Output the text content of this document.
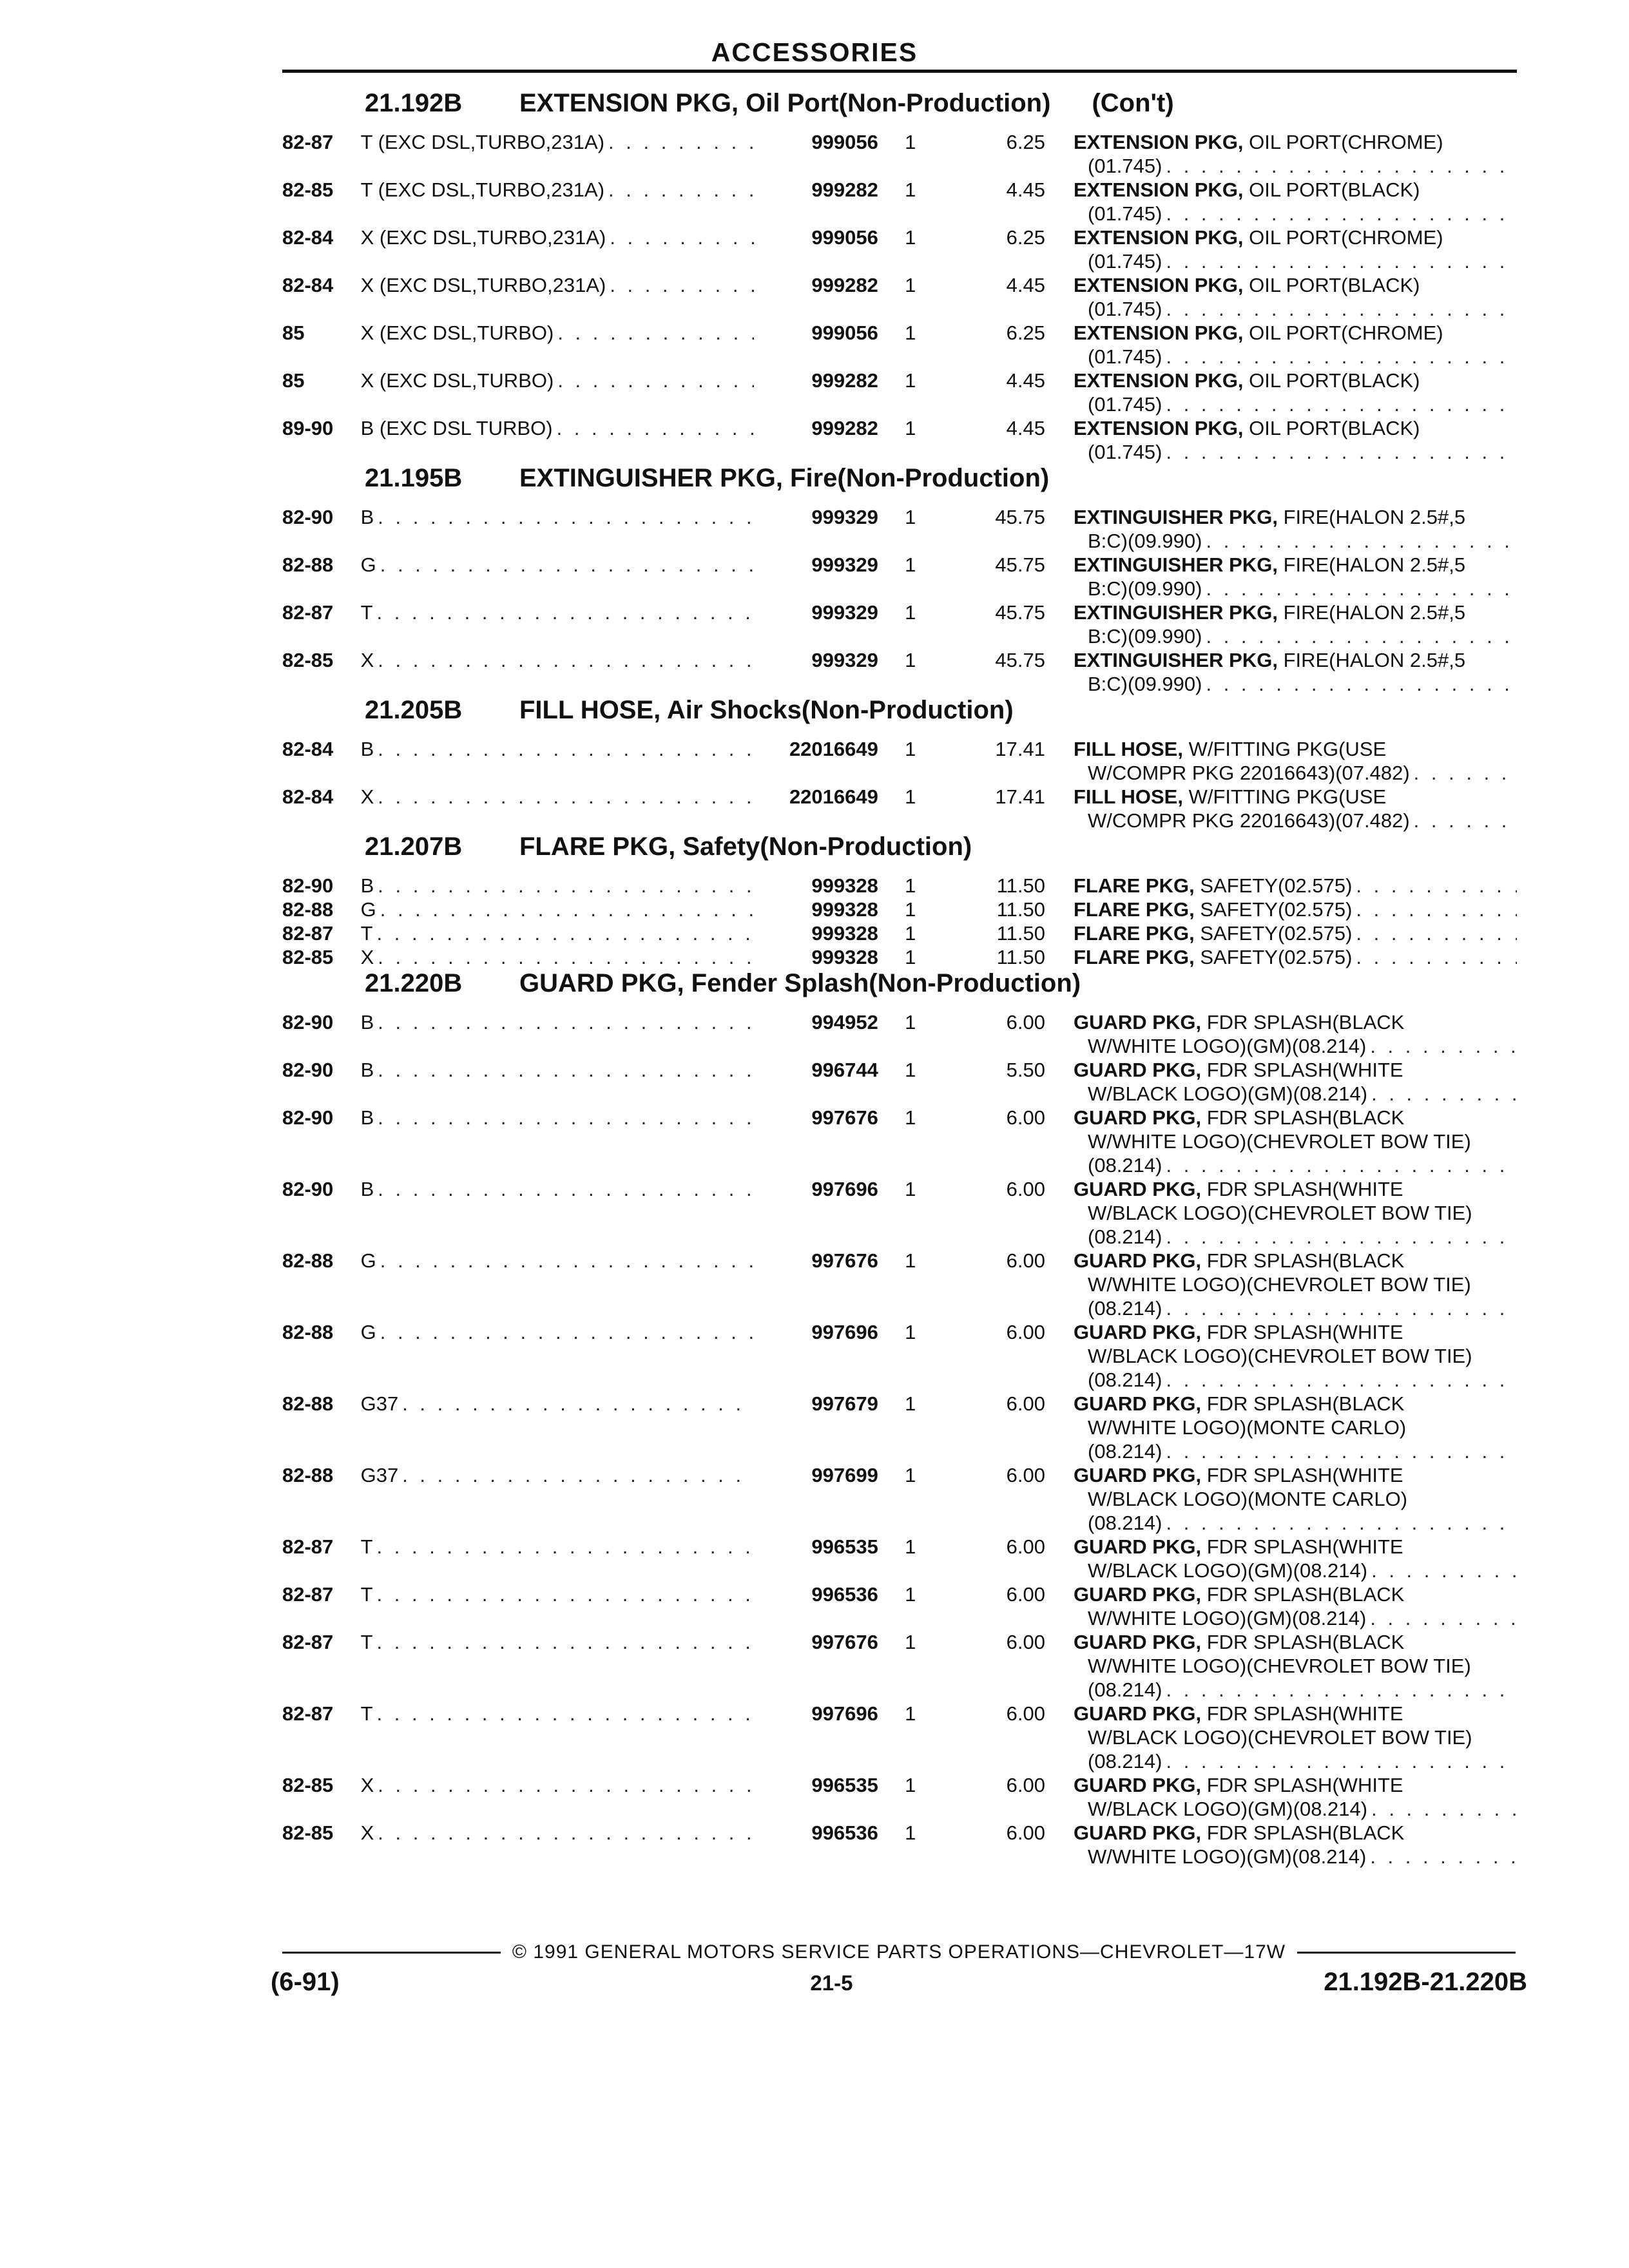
ACCESSORIES
21.192B	EXTENSION PKG, Oil Port(Non-Production) (Con't)
82-87	T (EXC DSL,TURBO,231A) . . .	999056	1	6.25 EXTENSION PKG, OIL PORT(CHROME)
(01.745)
. . .
82-85	T (EXC DSL,TURBO,231A) . . .	999282	1	4.45 EXTENSION PKG, OIL PORT(BLACK)
(01.745)
. . .
82-84	X (EXC DSL,TURBO,231A) . . .	999056	1	6.25 EXTENSION PKG, OIL PORT(CHROME)
(01.745)
. . .
82-84	X (EXC DSL,TURBO,231A) . . .	999282	1	4.45 EXTENSION PKG, OIL PORT(BLACK)
(01.745)
. . .
85	X (EXC DSL,TURBO) . . .	999056	1	6.25 EXTENSION PKG, OIL PORT(CHROME)
(01.745)
. . .
85	X (EXC DSL,TURBO) . . .	999282	1	4.45 EXTENSION PKG, OIL PORT(BLACK)
(01.745)
. . .
89-90	B (EXC DSL TURBO) . . .	999282	1	4.45 EXTENSION PKG, OIL PORT(BLACK)
(01.745)
. . .
21.195B	EXTINGUISHER PKG, Fire(Non-Production)
82-90	B . . .	999329	1	45.75 EXTINGUISHER PKG, FIRE(HALON 2.5#,5
B:C)(09.990)
. . .
82-88	G . . .	999329	1	45.75 EXTINGUISHER PKG, FIRE(HALON 2.5#,5
B:C)(09.990)
. . .
82-87	T . . .	999329	1	45.75 EXTINGUISHER PKG, FIRE(HALON 2.5#,5
B:C)(09.990)
. . .
82-85	X . . .	999329	1	45.75 EXTINGUISHER PKG, FIRE(HALON 2.5#,5
B:C)(09.990)
. . .
21.205B	FILL HOSE, Air Shocks(Non-Production)
82-84	B . . .	22016649	1	17.41 FILL HOSE, W/FITTING PKG(USE
W/COMPR PKG 22016643)(07.482)
. . .
82-84	X . . .	22016649	1	17.41 FILL HOSE, W/FITTING PKG(USE
W/COMPR PKG 22016643)(07.482)
. . .
21.207B	FLARE PKG, Safety(Non-Production)
82-90	B . . .	999328	1	11.50 FLARE PKG, SAFETY(02.575)
. . .
82-88	G . . .	999328	1	11.50 FLARE PKG, SAFETY(02.575)
. . .
82-87	T . . .	999328	1	11.50 FLARE PKG, SAFETY(02.575)
. . .
82-85	X . . .	999328	1	11.50 FLARE PKG, SAFETY(02.575)
. . .
21.220B	GUARD PKG, Fender Splash(Non-Production)
82-90	B . . .	994952	1	6.00 GUARD PKG, FDR SPLASH(BLACK
W/WHITE LOGO)(GM)(08.214)
. . .
82-90	B . . .	996744	1	5.50 GUARD PKG, FDR SPLASH(WHITE
W/BLACK LOGO)(GM)(08.214)
. . .
82-90	B . . .	997676	1	6.00 GUARD PKG, FDR SPLASH(BLACK
W/WHITE LOGO)(CHEVROLET BOW TIE)
(08.214)
. . .
82-90	B . . .	997696	1	6.00 GUARD PKG, FDR SPLASH(WHITE
W/BLACK LOGO)(CHEVROLET BOW TIE)
(08.214)
. . .
82-88	G . . .	997676	1	6.00 GUARD PKG, FDR SPLASH(BLACK
W/WHITE LOGO)(CHEVROLET BOW TIE)
(08.214)
. . .
82-88	G . . .	997696	1	6.00 GUARD PKG, FDR SPLASH(WHITE
W/BLACK LOGO)(CHEVROLET BOW TIE)
(08.214)
. . .
82-88	G37 . . .	997679	1	6.00 GUARD PKG, FDR SPLASH(BLACK
W/WHITE LOGO)(MONTE CARLO)
(08.214)
. . .
82-88	G37 . . .	997699	1	6.00 GUARD PKG, FDR SPLASH(WHITE
W/BLACK LOGO)(MONTE CARLO)
(08.214)
. . .
82-87	T . . .	996535	1	6.00 GUARD PKG, FDR SPLASH(WHITE
W/BLACK LOGO)(GM)(08.214)
. . .
82-87	T . . .	996536	1	6.00 GUARD PKG, FDR SPLASH(BLACK
W/WHITE LOGO)(GM)(08.214)
. . .
82-87	T . . .	997676	1	6.00 GUARD PKG, FDR SPLASH(BLACK
W/WHITE LOGO)(CHEVROLET BOW TIE)
(08.214)
. . .
82-87	T . . .	997696	1	6.00 GUARD PKG, FDR SPLASH(WHITE
W/BLACK LOGO)(CHEVROLET BOW TIE)
(08.214)
. . .
82-85	X . . .	996535	1	6.00 GUARD PKG, FDR SPLASH(WHITE
W/BLACK LOGO)(GM)(08.214)
. . .
82-85	X . . .	996536	1	6.00 GUARD PKG, FDR SPLASH(BLACK
W/WHITE LOGO)(GM)(08.214)
. . .
© 1991 GENERAL MOTORS SERVICE PARTS OPERATIONS—CHEVROLET—17W
(6-91)	21-5	21.192B-21.220B
